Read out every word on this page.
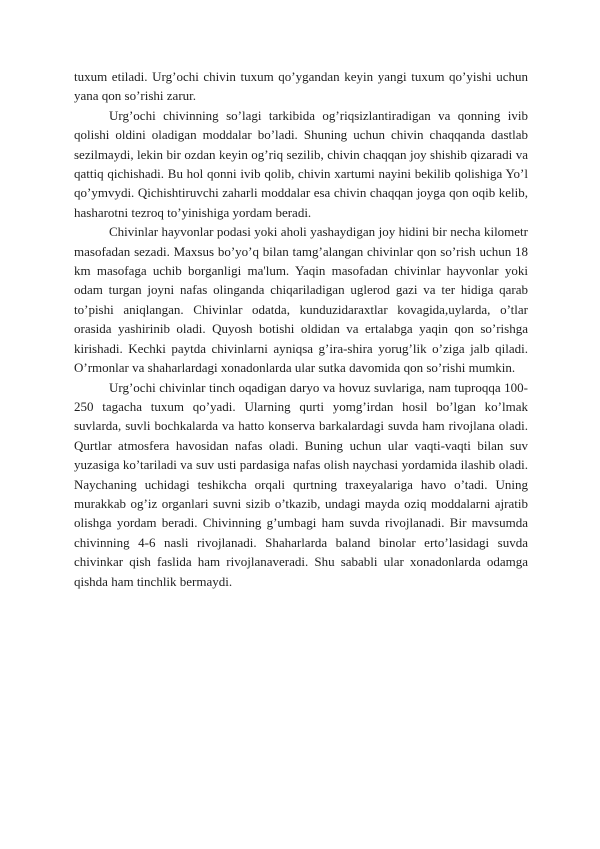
tuxum etiladi. Urg’ochi chivin tuxum qo’ygandan keyin yangi tuxum qo’yishi uchun yana qon so’rishi zarur.

Urg’ochi chivinning so’lagi tarkibida og’riqsizlantiradigan va qonning ivib qolishi oldini oladigan moddalar bo’ladi. Shuning uchun chivin chaqqanda dastlab sezilmaydi, lekin bir ozdan keyin og’riq sezilib, chivin chaqqan joy shishib qizaradi va qattiq qichishadi. Bu hol qonni ivib qolib, chivin xartumi nayini bekilib qolishiga Yo’l qo’ymvydi. Qichishtiruvchi zaharli moddalar esa chivin chaqqan joyga qon oqib kelib, hasharotni tezroq to’yinishiga yordam beradi.

Chivinlar hayvonlar podasi yoki aholi yashaydigan joy hidini bir necha kilometr masofadan sezadi. Maxsus bo’yo’q bilan tamg’alangan chivinlar qon so’rish uchun 18 km masofaga uchib borganligi ma'lum. Yaqin masofadan chivinlar hayvonlar yoki odam turgan joyni nafas olinganda chiqariladigan uglerod gazi va ter hidiga qarab to’pishi aniqlangan. Chivinlar odatda, kunduzidaraxtlar kovagida,uylarda, o’tlar orasida yashirinib oladi. Quyosh botishi oldidan va ertalabga yaqin qon so’rishga kirishadi. Kechki paytda chivinlarni ayniqsa g’ira-shira yorug’lik o’ziga jalb qiladi. O’rmonlar va shaharlardagi xonadonlarda ular sutka davomida qon so’rishi mumkin.

Urg’ochi chivinlar tinch oqadigan daryo va hovuz suvlariga, nam tuproqqa 100-250 tagacha tuxum qo’yadi. Ularning qurti yomg’irdan hosil bo’lgan ko’lmak suvlarda, suvli bochkalarda va hatto konserva barkalardagi suvda ham rivojlana oladi. Qurtlar atmosfera havosidan nafas oladi. Buning uchun ular vaqti-vaqti bilan suv yuzasiga ko’tariladi va suv usti pardasiga nafas olish naychasi yordamida ilashib oladi. Naychaning uchidagi teshikcha orqali qurtning traxeyalariga havo o’tadi. Uning murakkab og’iz organlari suvni sizib o’tkazib, undagi mayda oziq moddalarni ajratib olishga yordam beradi. Chivinning g’umbagi ham suvda rivojlanadi. Bir mavsumda chivinning 4-6 nasli rivojlanadi. Shaharlarda baland binolar erto’lasidagi suvda chivinkar qish faslida ham rivojlanaveradi. Shu sababli ular xonadonlarda odamga qishda ham tinchlik bermaydi.
